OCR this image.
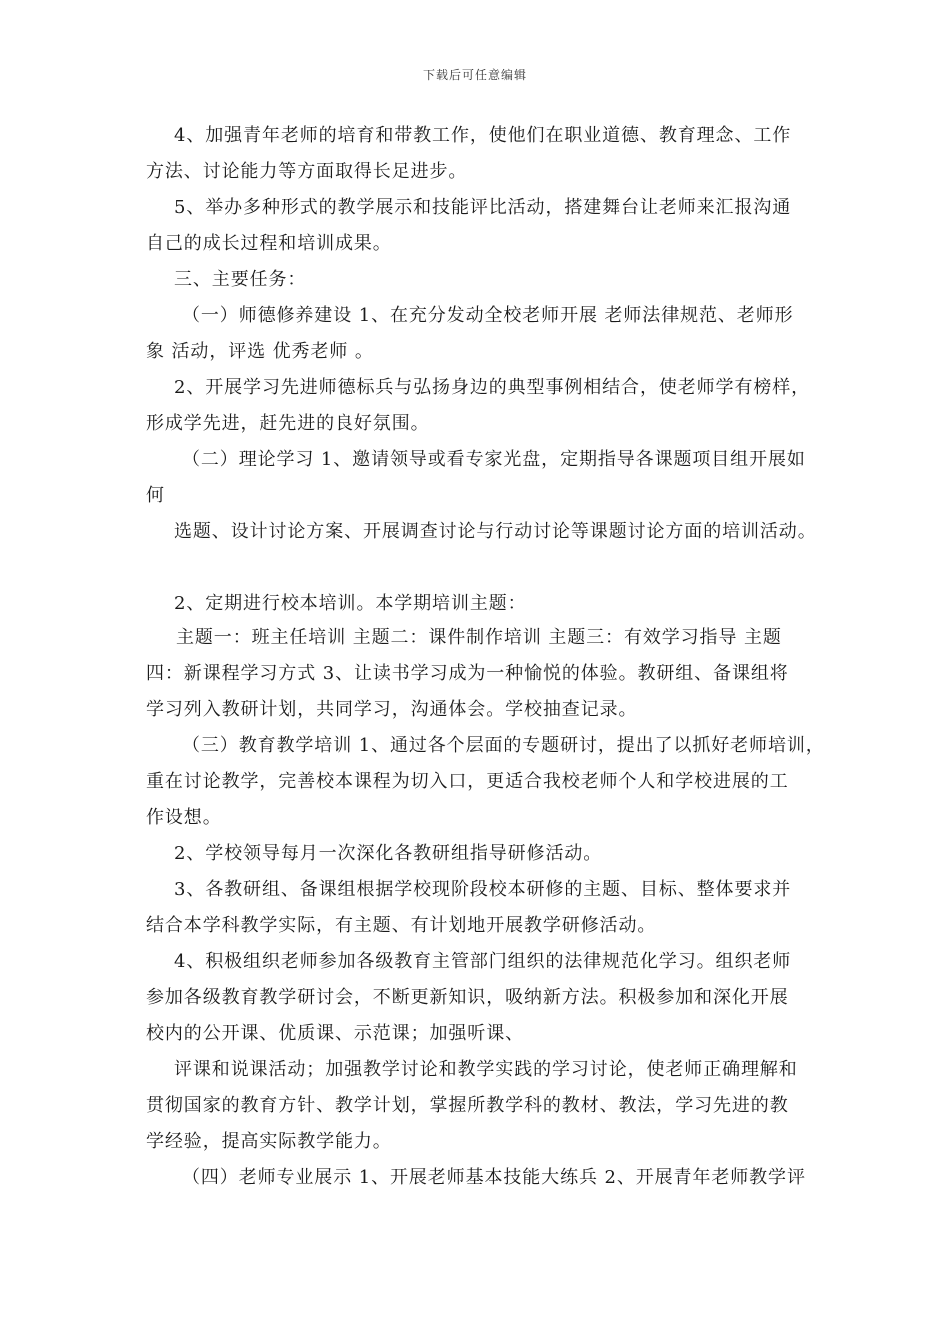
下载后可任意编辑
4、加强青年老师的培育和带教工作，使他们在职业道德、教育理念、工作
方法、讨论能力等方面取得长足进步。
5、举办多种形式的教学展示和技能评比活动，搭建舞台让老师来汇报沟通
自己的成长过程和培训成果。
三、主要任务：
（一）师德修养建设 1、在充分发动全校老师开展 老师法律规范、老师形
象 活动，评选 优秀老师 。
2、开展学习先进师德标兵与弘扬身边的典型事例相结合，使老师学有榜样，
形成学先进，赶先进的良好氛围。
（二）理论学习 1、邀请领导或看专家光盘，定期指导各课题项目组开展如
何
选题、设计讨论方案、开展调查讨论与行动讨论等课题讨论方面的培训活动。
2、定期进行校本培训。本学期培训主题：
主题一：班主任培训 主题二：课件制作培训 主题三：有效学习指导 主题
四：新课程学习方式 3、让读书学习成为一种愉悦的体验。教研组、备课组将
学习列入教研计划，共同学习，沟通体会。学校抽查记录。
（三）教育教学培训 1、通过各个层面的专题研讨，提出了以抓好老师培训，
重在讨论教学，完善校本课程为切入口，更适合我校老师个人和学校进展的工
作设想。
2、学校领导每月一次深化各教研组指导研修活动。
3、各教研组、备课组根据学校现阶段校本研修的主题、目标、整体要求并
结合本学科教学实际，有主题、有计划地开展教学研修活动。
4、积极组织老师参加各级教育主管部门组织的法律规范化学习。组织老师
参加各级教育教学研讨会，不断更新知识，吸纳新方法。积极参加和深化开展
校内的公开课、优质课、示范课；加强听课、
评课和说课活动；加强教学讨论和教学实践的学习讨论，使老师正确理解和
贯彻国家的教育方针、教学计划，掌握所教学科的教材、教法，学习先进的教
学经验，提高实际教学能力。
（四）老师专业展示 1、开展老师基本技能大练兵 2、开展青年老师教学评
